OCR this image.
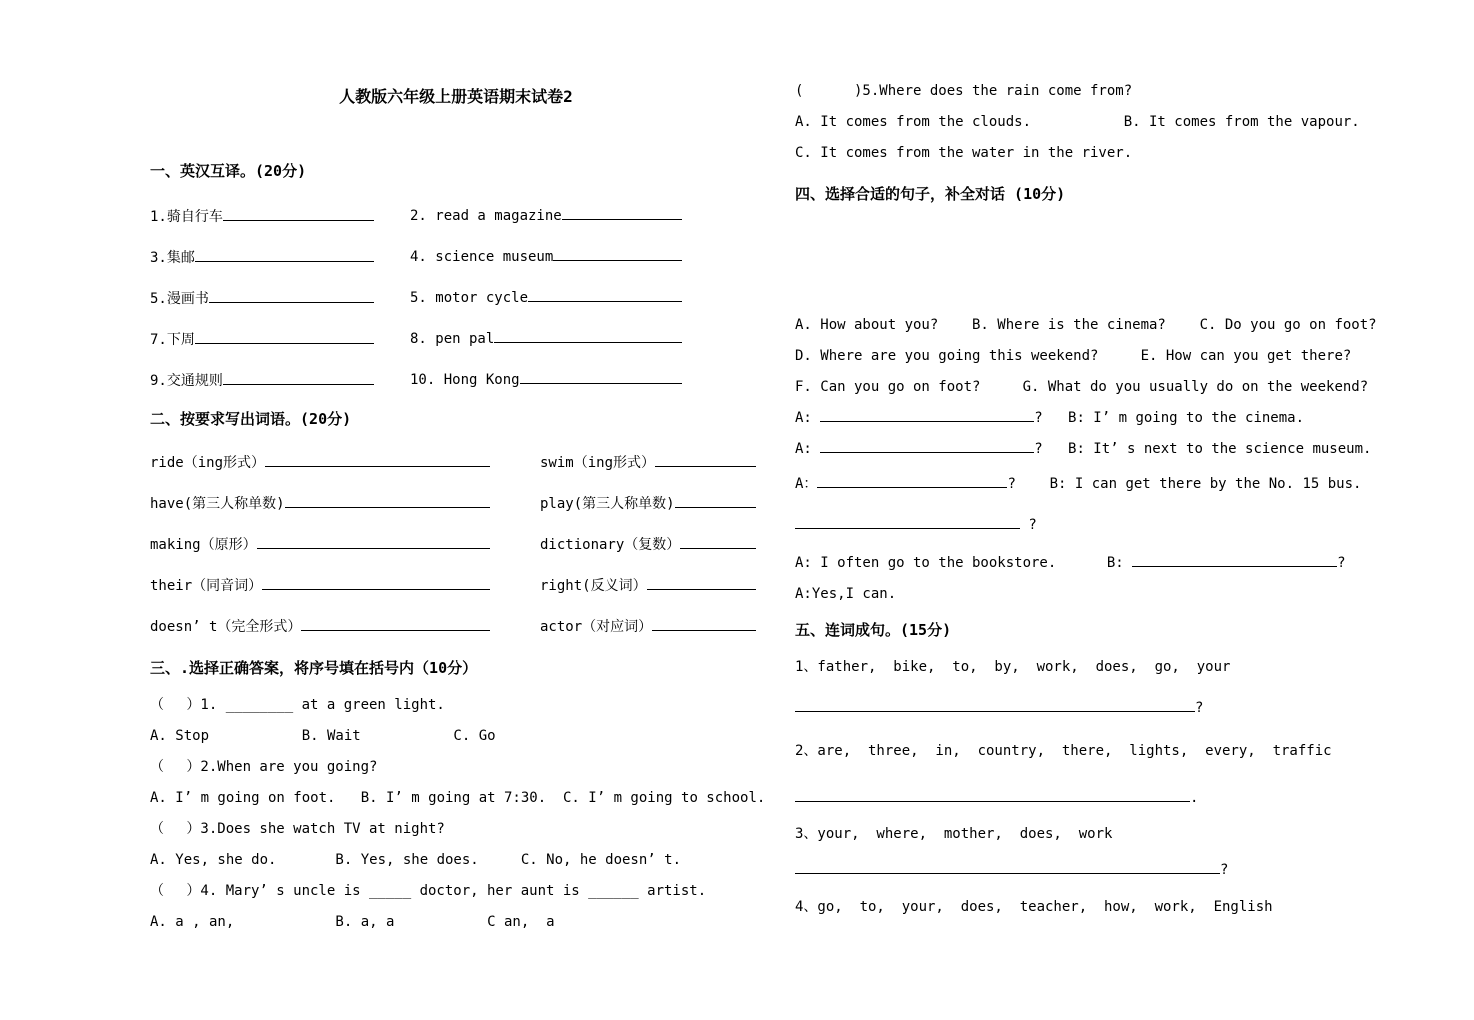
人教版六年级上册英语期末试卷2
一、英汉互译。(20分)
1.骑自行车	2. read a magazine
3.集邮	4. science museum
5.漫画书	5. motor cycle
7.下周	8. pen pal
9.交通规则	10. Hong Kong
二、按要求写出词语。(20分)
ride（ing形式）	swim（ing形式）
have(第三人称单数)	play(第三人称单数)
making（原形）	dictionary（复数）
their（同音词）	right(反义词）
doesn’ t（完全形式）	actor（对应词）
三、.选择正确答案，将序号填在括号内（10分）
（　 ）1. ________ at a green light.
A. Stop           B. Wait           C. Go
（　 ）2.When are you going?
A. I’ m going on foot.   B. I’ m going at 7:30.  C. I’ m going to school.
（　 ）3.Does she watch TV at night?
A. Yes, she do.       B. Yes, she does.     C. No, he doesn’ t.
（　 ）4. Mary’ s uncle is _____ doctor, her aunt is ______ artist.
A. a , an,            B. a, a           C an,  a
(      )5.Where does the rain come from?
A. It comes from the clouds.           B. It comes from the vapour.
C. It comes from the water in the river.
四、选择合适的句子，补全对话 (10分)
A. How about you?    B. Where is the cinema?    C. Do you go on foot?
D. Where are you going this weekend?     E. How can you get there?
F. Can you go on foot?     G. What do you usually do on the weekend?
A:	?   B: I’ m going to the cinema.
A:	?   B: It’ s next to the science museum.
A：	?    B: I can get there by the No. 15 bus.
?
A: I often go to the bookstore.      B:	?
A:Yes,I can.
五、连词成句。(15分)
1、father,  bike,  to,  by,  work,  does,  go,  your
?
2、are,  three,  in,  country,  there,  lights,  every,  traffic
.
3、your,  where,  mother,  does,  work
?
4、go,  to,  your,  does,  teacher,  how,  work,  English
